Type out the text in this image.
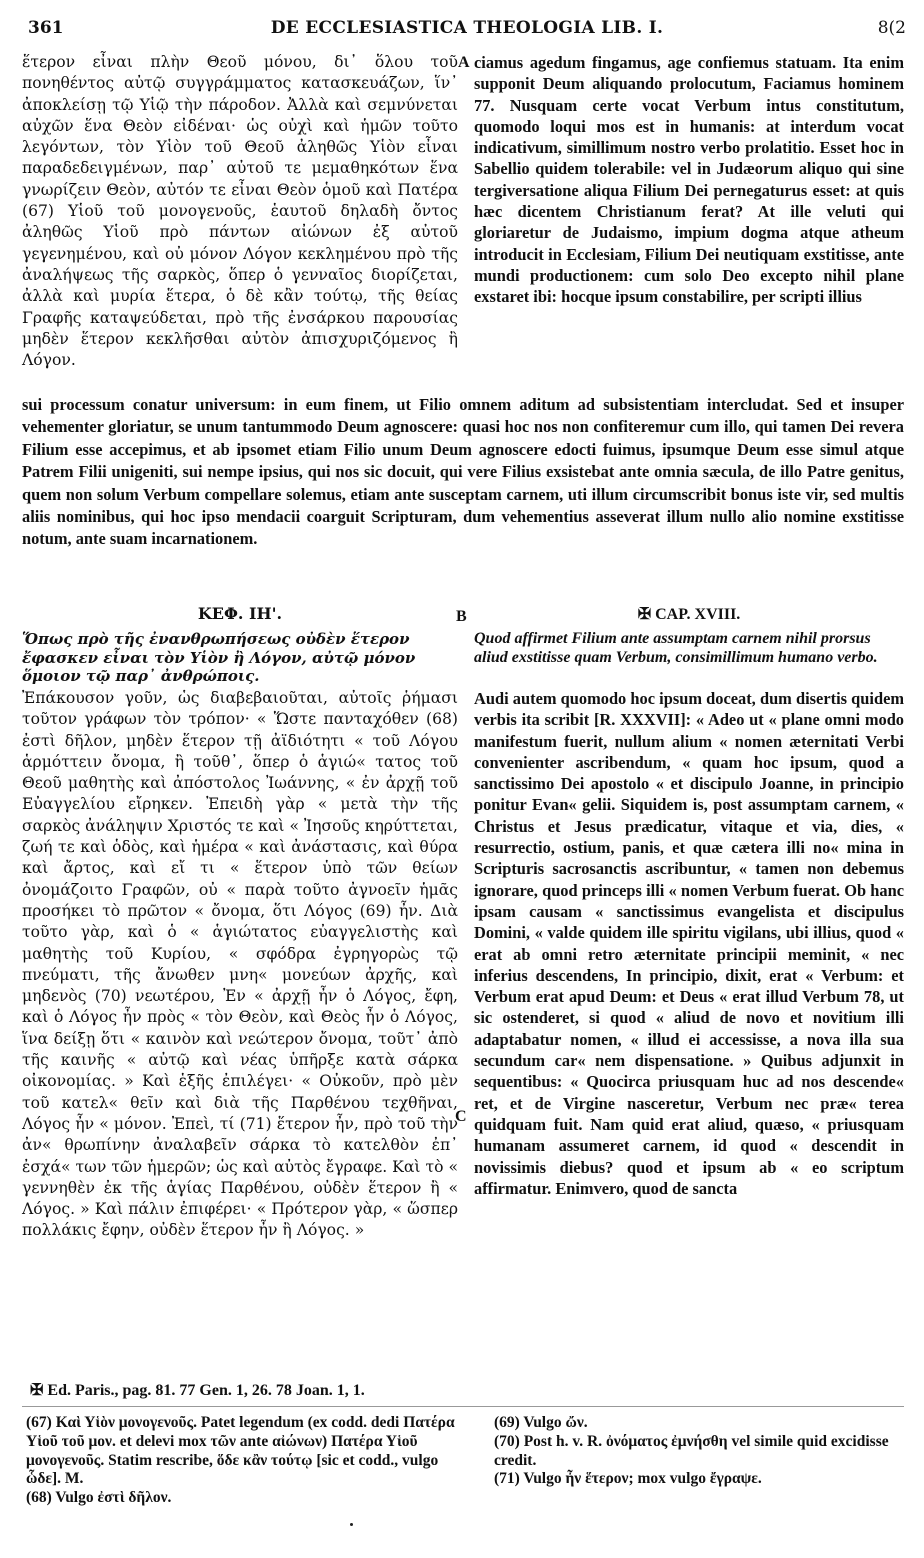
361	DE ECCLESIASTICA THEOLOGIA LIB. I.	8(2

ἕτερον εἶναι πλὴν Θεοῦ μόνου, δι᾽ ὅλου τοῦ πονηθέντος αὐτῷ συγγράμματος κατασκευάζων, ἵν᾽ ἀποκλείσῃ τῷ Υἱῷ τὴν πάροδον. Ἀλλὰ καὶ σεμνύνεται αὐχῶν ἕνα Θεὸν εἰδέναι· ὡς οὐχὶ καὶ ἡμῶν τοῦτο λεγόντων, τὸν Υἱὸν τοῦ Θεοῦ ἀληθῶς Υἱὸν εἶναι παραδεδειγμένων, παρ᾽ αὐτοῦ τε μεμαθηκότων ἕνα γνωρίζειν Θεὸν, αὐτόν τε εἶναι Θεὸν ὁμοῦ καὶ Πατέρα (67) Υἱοῦ τοῦ μονογενοῦς, ἑαυτοῦ δηλαδὴ ὄντος ἀληθῶς Υἱοῦ πρὸ πάντων αἰώνων ἐξ αὐτοῦ γεγενημένου, καὶ οὐ μόνον Λόγον κεκλημένου πρὸ τῆς ἀναλήψεως τῆς σαρκὸς, ὅπερ ὁ γενναῖος διορίζεται, ἀλλὰ καὶ μυρία ἕτερα, ὁ δὲ κἂν τούτῳ, τῆς θείας Γραφῆς καταψεύδεται, πρὸ τῆς ἐνσάρκου παρουσίας μηδὲν ἕτερον κεκλῆσθαι αὐτὸν ἀπισχυριζόμενος ἢ Λόγον.

A ciamus agedum fingamus, age confiemus statuam. Ita enim supponit Deum aliquando prolocutum, Faciamus hominem 77. Nusquam certe vocat Verbum intus constitutum, quomodo loqui mos est in humanis: at interdum vocat indicativum, simillimum nostro verbo prolatitio. Esset hoc in Sabellio quidem tolerabile: vel in Judæorum aliquo qui sine tergiversatione aliqua Filium Dei pernegaturus esset: at quis hæc dicentem Christianum ferat? At ille veluti qui gloriaretur de Judaismo, impium dogma atque atheum introducit in Ecclesiam, Filium Dei neutiquam exstitisse, ante mundi productionem: cum solo Deo excepto nihil plane exstaret ibi: hocque ipsum constabilire, per scripti illius

sui processum conatur universum: in eum finem, ut Filio omnem aditum ad subsistentiam intercludat. Sed et insuper vehementer gloriatur, se unum tantummodo Deum agnoscere: quasi hoc nos non confiteremur cum illo, qui tamen Dei revera Filium esse accepimus, et ab ipsomet etiam Filio unum Deum agnoscere edocti fuimus, ipsumque Deum esse simul atque Patrem Filii unigeniti, sui nempe ipsius, qui nos sic docuit, qui vere Filius exsistebat ante omnia sæcula, de illo Patre genitus, quem non solum Verbum compellare solemus, etiam ante susceptam carnem, uti illum circumscribit bonus iste vir, sed multis aliis nominibus, qui hoc ipso mendacii coarguit Scripturam, dum vehementius asseverat illum nullo alio nomine exstitisse notum, ante suam incarnationem.

ΚΕΦ. ΙΗ'.	B	✠ CAP. XVIII.
Ὅπως πρὸ τῆς ἐνανθρωπήσεως οὐδὲν ἕτερον ἔφασκεν εἶναι τὸν Υἱὸν ἢ Λόγον, αὐτῷ μόνον ὅμοιον τῷ παρ᾽ ἀνθρώποις.
Quod affirmet Filium ante assumptam carnem nihil prorsus aliud exstitisse quam Verbum, consimillimum humano verbo.

Ἐπάκουσον γοῦν, ὡς διαβεβαιοῦται, αὐτοῖς ῥήμασι τοῦτον γράφων τὸν τρόπον· « Ὥστε πανταχόθεν (68) ἐστὶ δῆλον, μηδὲν ἕτερον τῇ ἀϊδιότητι « τοῦ Λόγου ἁρμόττειν ὄνομα, ἢ τοῦθ᾽, ὅπερ ὁ ἁγιώ« τατος τοῦ Θεοῦ μαθητὴς καὶ ἀπόστολος Ἰωάννης, « ἐν ἀρχῇ τοῦ Εὐαγγελίου εἴρηκεν. Ἐπειδὴ γὰρ « μετὰ τὴν τῆς σαρκὸς ἀνάληψιν Χριστός τε καὶ « Ἰησοῦς κηρύττεται, ζωή τε καὶ ὁδὸς, καὶ ἡμέρα « καὶ ἀνάστασις, καὶ θύρα καὶ ἄρτος, καὶ εἴ τι « ἕτερον ὑπὸ τῶν θείων ὀνομάζοιτο Γραφῶν, οὐ « παρὰ τοῦτο ἀγνοεῖν ἡμᾶς προσήκει τὸ πρῶτον « ὄνομα, ὅτι Λόγος (69) ἦν. Διὰ τοῦτο γὰρ, καὶ ὁ « ἁγιώτατος εὐαγγελιστὴς καὶ μαθητὴς τοῦ Κυρίου, « σφόδρα ἐγρηγορὼς τῷ πνεύματι, τῆς ἄνωθεν μνη« μονεύων ἀρχῆς, καὶ μηδενὸς (70) νεωτέρου, Ἐν « ἀρχῇ ἦν ὁ Λόγος, ἔφη, καὶ ὁ Λόγος ἦν πρὸς « τὸν Θεὸν, καὶ Θεὸς ἦν ὁ Λόγος, ἵνα δείξῃ ὅτι « καινὸν καὶ νεώτερον ὄνομα, τοῦτ᾽ ἀπὸ τῆς καινῆς « αὐτῷ καὶ νέας ὑπῆρξε κατὰ σάρκα οἰκονομίας. » Καὶ ἑξῆς ἐπιλέγει· « Οὐκοῦν, πρὸ μὲν τοῦ κατελ« θεῖν καὶ διὰ τῆς Παρθένου τεχθῆναι, Λόγος ἦν « μόνον. Ἐπεὶ, τί (71) ἕτερον ἦν, πρὸ τοῦ τὴν ἀν« θρωπίνην ἀναλαβεῖν σάρκα τὸ κατελθὸν ἐπ᾽ ἐσχά« των τῶν ἡμερῶν; ὡς καὶ αὐτὸς ἔγραφε. Καὶ τὸ « γεννηθὲν ἐκ τῆς ἁγίας Παρθένου, οὐδὲν ἕτερον ἢ « Λόγος. » Καὶ πάλιν ἐπιφέρει· « Πρότερον γὰρ, « ὥσπερ πολλάκις ἔφην, οὐδὲν ἕτερον ἦν ἢ Λόγος. »

C

Audi autem quomodo hoc ipsum doceat, dum disertis quidem verbis ita scribit [R. XXXVII]: « Adeo ut « plane omni modo manifestum fuerit, nullum alium « nomen æternitati Verbi convenienter ascribendum, « quam hoc ipsum, quod a sanctissimo Dei apostolo « et discipulo Joanne, in principio ponitur Evan« gelii. Siquidem is, post assumptam carnem, « Christus et Jesus prædicatur, vitaque et via, dies, « resurrectio, ostium, panis, et quæ cætera illi no« mina in Scripturis sacrosanctis ascribuntur, « tamen non debemus ignorare, quod princeps illi « nomen Verbum fuerat. Ob hanc ipsam causam « sanctissimus evangelista et discipulus Domini, « valde quidem ille spiritu vigilans, ubi illius, quod « erat ab omni retro æternitate principii meminit, « nec inferius descendens, In principio, dixit, erat « Verbum: et Verbum erat apud Deum: et Deus « erat illud Verbum 78, ut sic ostenderet, si quod « aliud de novo et novitium illi adaptabatur nomen, « illud ei accessisse, a nova illa sua secundum car« nem dispensatione. » Quibus adjunxit in sequentibus: « Quocirca priusquam huc ad nos descende« ret, et de Virgine nasceretur, Verbum nec præ« terea quidquam fuit. Nam quid erat aliud, quæso, « priusquam humanam assumeret carnem, id quod « descendit in novissimis diebus? quod et ipsum ab « eo scriptum affirmatur. Enimvero, quod de sancta

✠ Ed. Paris., pag. 81. 77 Gen. 1, 26. 78 Joan. 1, 1.

(67) Καὶ Υἱὸν μονογενοῦς. Patet legendum (ex codd. dedi Πατέρα Υἱοῦ τοῦ μον. et delevi mox τῶν ante αἰώνων) Πατέρα Υἱοῦ μονογενοῦς. Statim rescribe, ὅδε κἂν τούτῳ [sic et codd., vulgo ὧδε]. M.

(68) Vulgo ἐστὶ δῆλον.

(69) Vulgo ὤν.

(70) Post h. v. R. ὀνόματος ἐμνήσθη vel simile quid excidisse credit.

(71) Vulgo ἦν ἕτερον; mox vulgo ἔγραψε.
